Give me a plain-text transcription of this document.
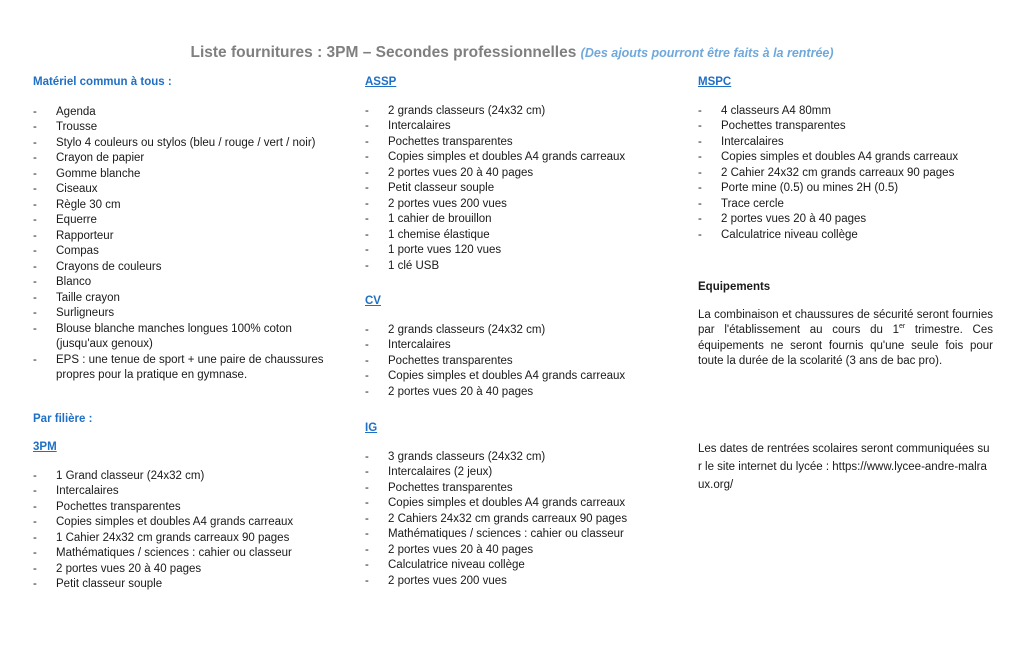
Liste fournitures : 3PM – Secondes professionnelles (Des ajouts pourront être faits à la rentrée)
Matériel commun à tous :
- Agenda
- Trousse
- Stylo 4 couleurs ou stylos (bleu / rouge / vert / noir)
- Crayon de papier
- Gomme blanche
- Ciseaux
- Règle 30 cm
- Equerre
- Rapporteur
- Compas
- Crayons de couleurs
- Blanco
- Taille crayon
- Surligneurs
- Blouse blanche manches longues 100% coton (jusqu'aux genoux)
- EPS : une tenue de sport + une paire de chaussures propres pour la pratique en gymnase.
Par filière :
3PM
- 1 Grand classeur (24x32 cm)
- Intercalaires
- Pochettes transparentes
- Copies simples et doubles A4 grands carreaux
- 1 Cahier 24x32 cm grands carreaux 90 pages
- Mathématiques / sciences : cahier ou classeur
- 2 portes vues 20 à 40 pages
- Petit classeur souple
ASSP
- 2 grands classeurs (24x32 cm)
- Intercalaires
- Pochettes transparentes
- Copies simples et doubles A4 grands carreaux
- 2 portes vues 20 à 40 pages
- Petit classeur souple
- 2 portes vues 200 vues
- 1 cahier de brouillon
- 1 chemise élastique
- 1 porte vues 120 vues
- 1 clé USB
CV
- 2 grands classeurs (24x32 cm)
- Intercalaires
- Pochettes transparentes
- Copies simples et doubles A4 grands carreaux
- 2 portes vues 20 à 40 pages
IG
- 3 grands classeurs (24x32 cm)
- Intercalaires (2 jeux)
- Pochettes transparentes
- Copies simples et doubles A4 grands carreaux
- 2 Cahiers 24x32 cm grands carreaux 90 pages
- Mathématiques / sciences : cahier ou classeur
- 2 portes vues 20 à 40 pages
- Calculatrice niveau collège
- 2 portes vues 200 vues
MSPC
- 4 classeurs A4 80mm
- Pochettes transparentes
- Intercalaires
- Copies simples et doubles A4 grands carreaux
- 2 Cahier 24x32 cm grands carreaux 90 pages
- Porte mine (0.5) ou mines 2H (0.5)
- Trace cercle
- 2 portes vues 20 à 40 pages
- Calculatrice niveau collège
Equipements
La combinaison et chaussures de sécurité seront fournies par l'établissement au cours du 1er trimestre. Ces équipements ne seront fournis qu'une seule fois pour toute la durée de la scolarité (3 ans de bac pro).
Les dates de rentrées scolaires seront communiquées sur le site internet du lycée : https://www.lycee-andre-malraux.org/
